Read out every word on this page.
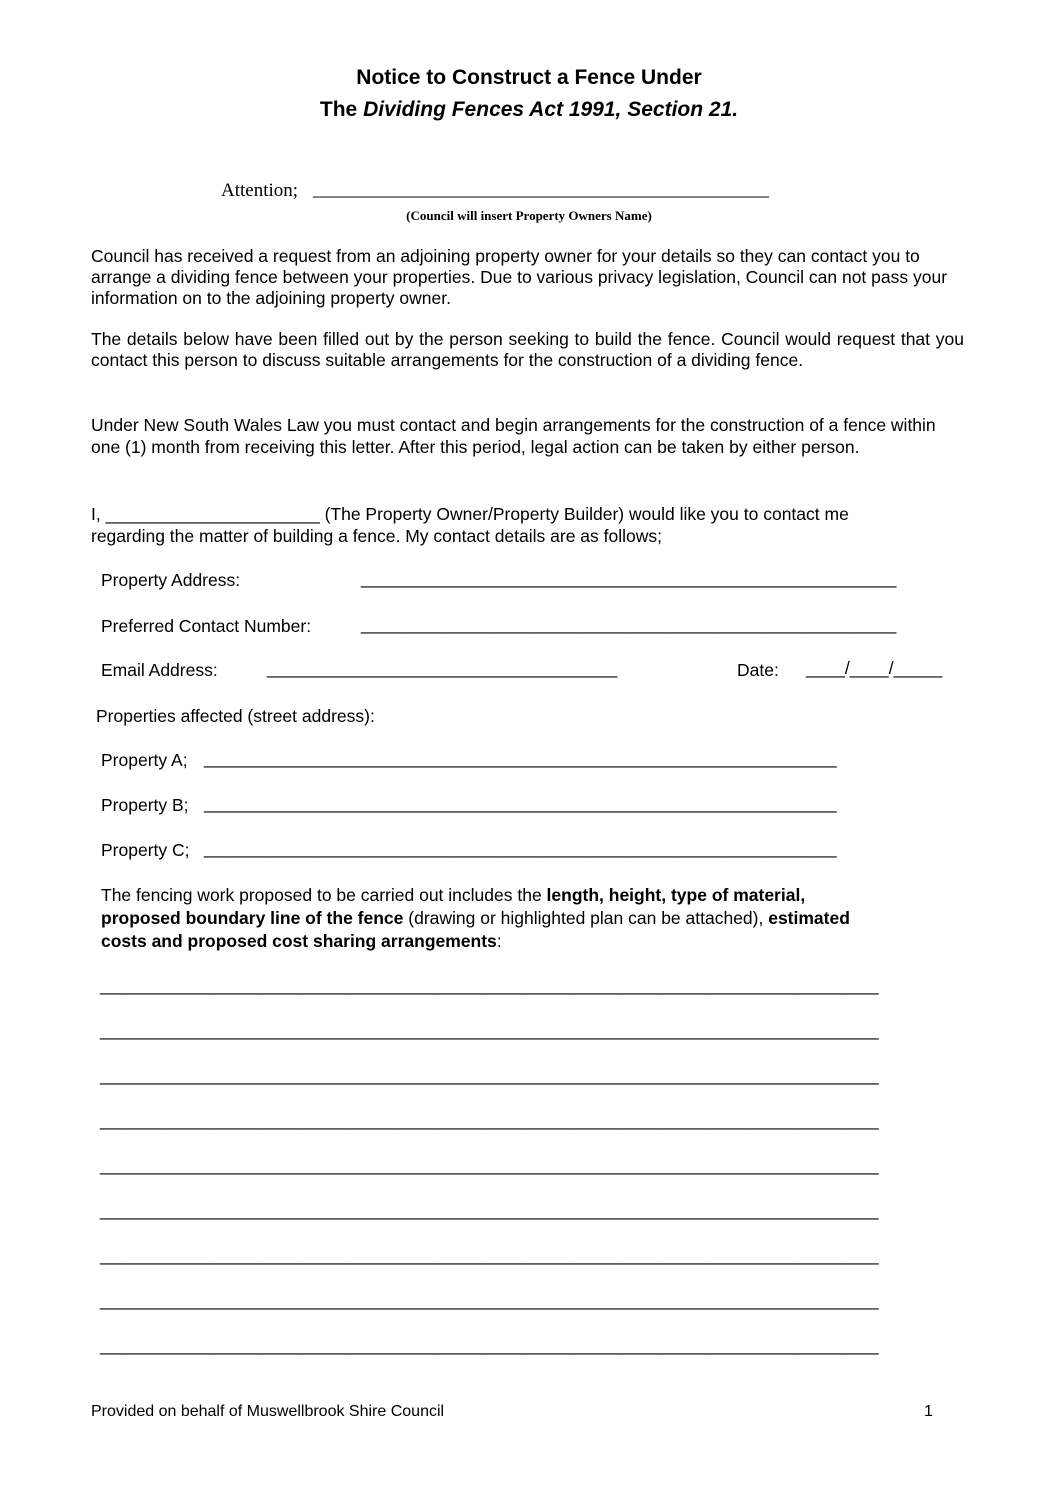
Notice to Construct a Fence Under
The Dividing Fences Act 1991, Section 21.
Attention; ________________________________________________
(Council will insert Property Owners Name)
Council has received a request from an adjoining property owner for your details so they can contact you to arrange a dividing fence between your properties. Due to various privacy legislation, Council can not pass your information on to the adjoining property owner.
The details below have been filled out by the person seeking to build the fence. Council would request that you contact this person to discuss suitable arrangements for the construction of a dividing fence.
Under New South Wales Law you must contact and begin arrangements for the construction of a fence within one (1) month from receiving this letter. After this period, legal action can be taken by either person.
I, ______________________ (The Property Owner/Property Builder) would like you to contact me
regarding the matter of building a fence. My contact details are as follows;
Property Address:	_______________________________________________________
Preferred Contact Number:	_______________________________________________________
Email Address:	____________________________________	Date: ____/____/_____
Properties affected (street address):
Property A; _________________________________________________________________
Property B; _________________________________________________________________
Property C; _________________________________________________________________
The fencing work proposed to be carried out includes the length, height, type of material,
proposed boundary line of the fence (drawing or highlighted plan can be attached), estimated
costs and proposed cost sharing arrangements:
________________________________________________________________________________
________________________________________________________________________________
________________________________________________________________________________
________________________________________________________________________________
________________________________________________________________________________
________________________________________________________________________________
________________________________________________________________________________
________________________________________________________________________________
________________________________________________________________________________
Provided on behalf of Muswellbrook Shire Council	1
